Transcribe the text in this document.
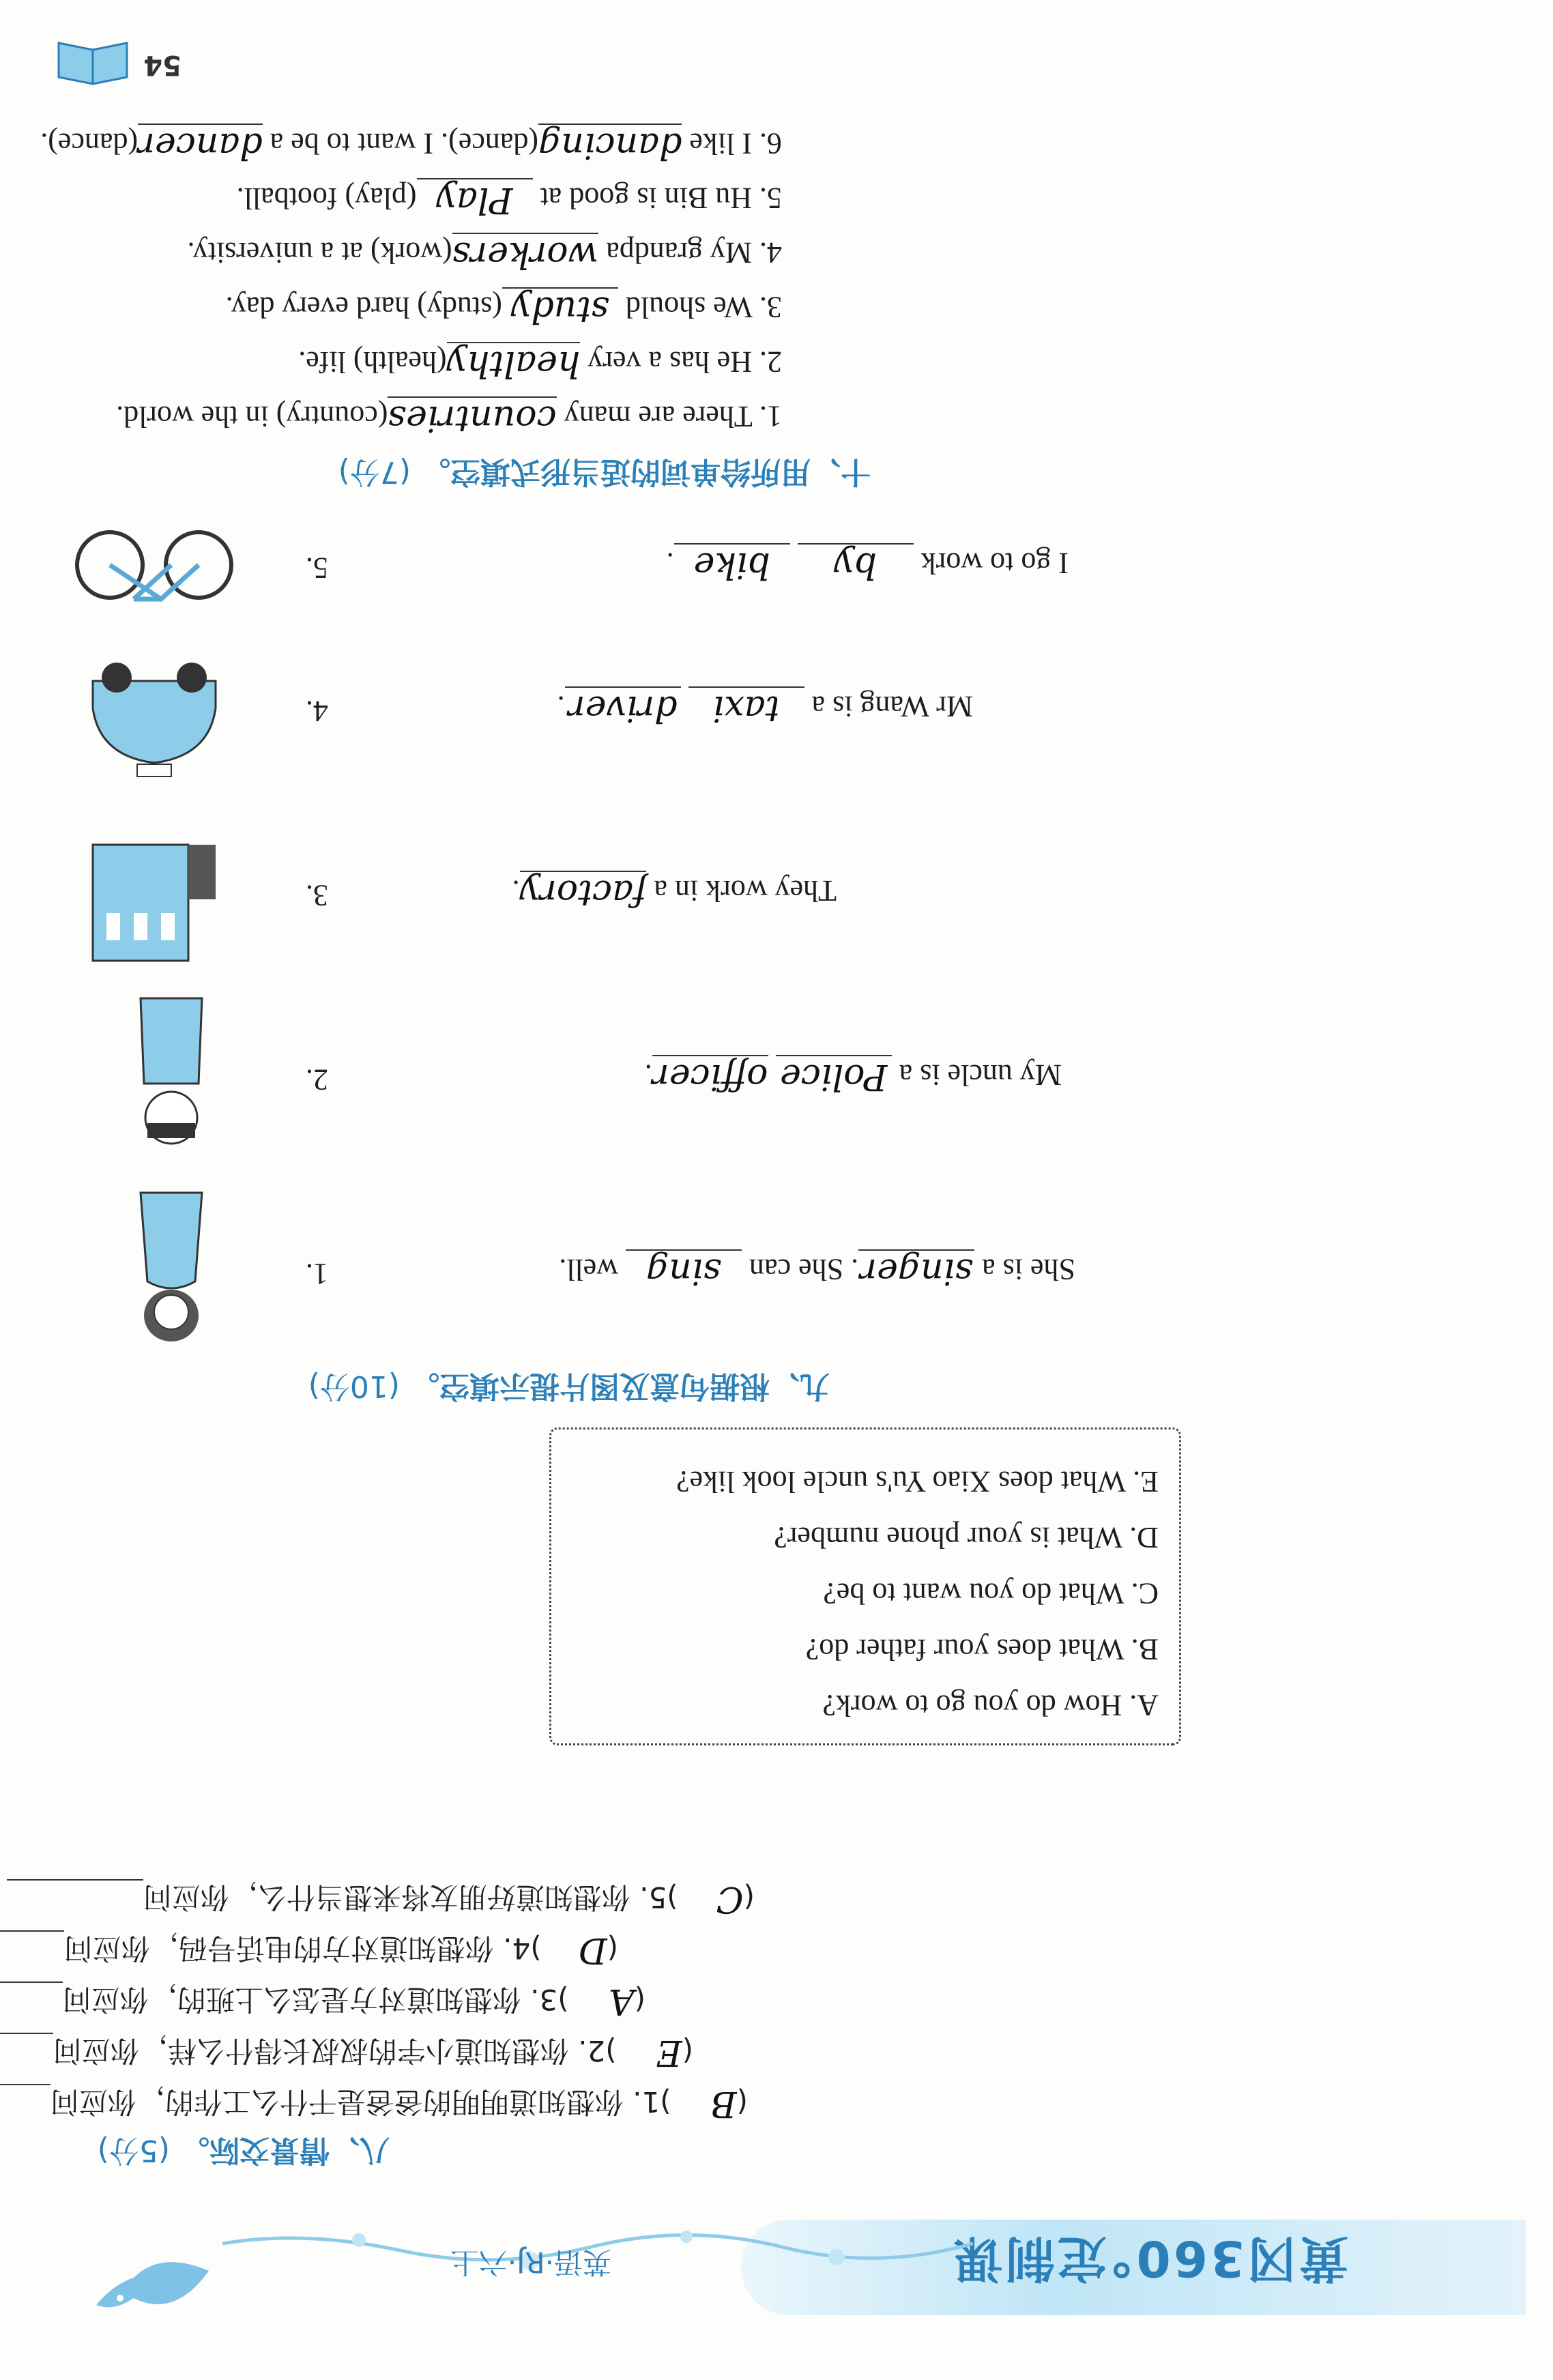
黄冈360°定制课
英语·RJ·六上
八、情景交际。(5分)
(B)1. 你想知道明明的爸爸是干什么工作的，你应问
(E)2. 你想知道小宇的叔叔长得什么样，你应问
(A)3. 你想知道对方是怎么上班的，你应问
(D)4. 你想知道对方的电话号码，你应问
(C)5. 你想知道好朋友将来想当什么，你应问
A. How do you go to work?
B. What does your father do?
C. What do you want to be?
D. What is your phone number?
E. What does Xiao Yu's uncle look like?
九、根据句意及图片提示填空。(10分)
1.	She is a singer. She can sing well.
2.	My uncle is a Police officer.
3.	They work in a factory.
4.	Mr Wang is a taxi driver.
5.	I go to work by bike.
十、用所给单词的适当形式填空。(7分)
1. There are many countries(country) in the world.
2. He has a very healthy(health) life.
3. We should study(study) hard every day.
4. My grandpa workers(work) at a university.
5. Hu Bin is good at Play(play) football.
6. I like dancing(dance). I want to be a dancer(dance).
54
